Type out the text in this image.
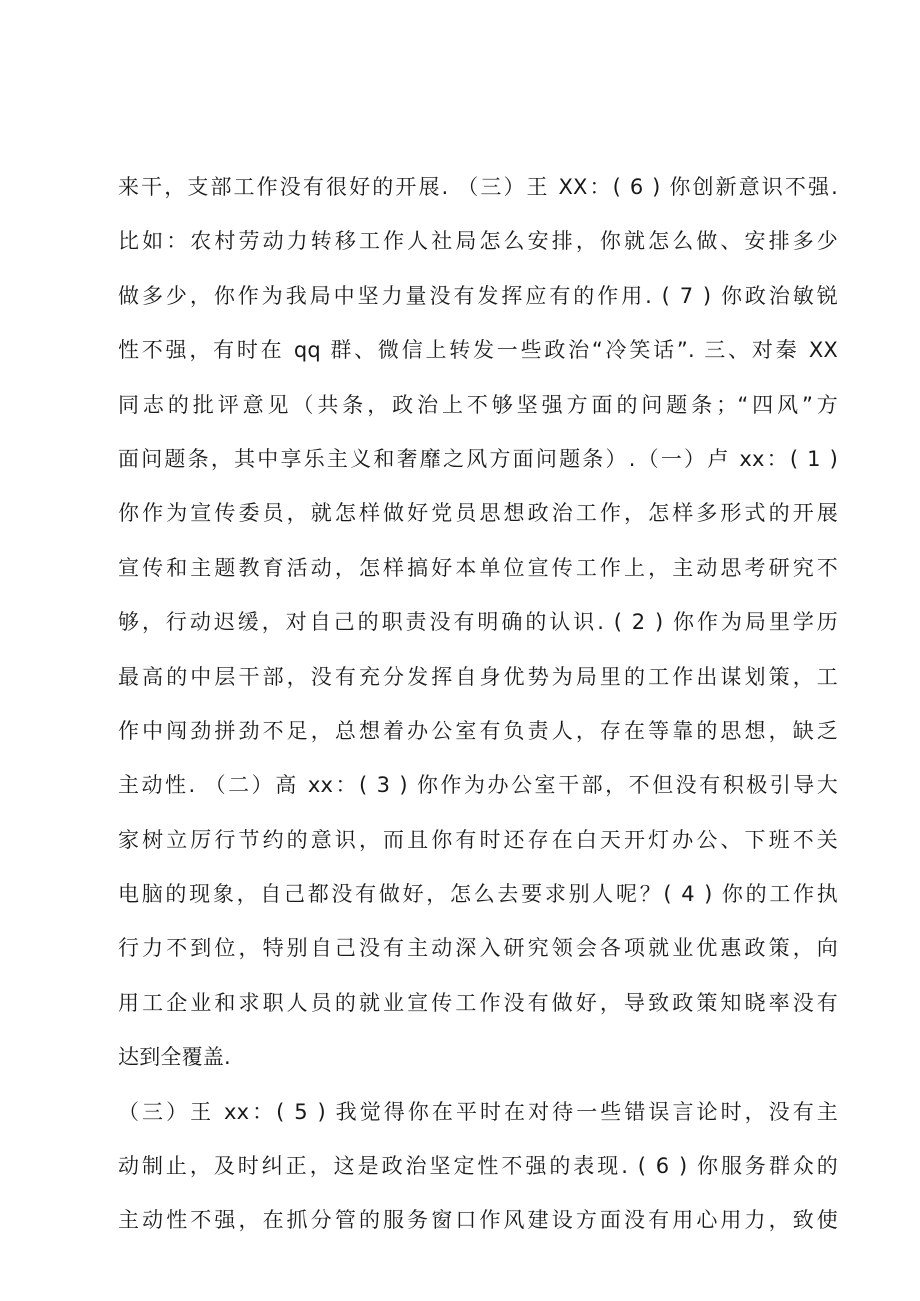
来干，支部工作没有很好的开展. （三）王 XX：( 6 ) 你创新意识不强.
比如：农村劳动力转移工作人社局怎么安排，你就怎么做、安排多少
做多少，你作为我局中坚力量没有发挥应有的作用. ( 7 ) 你政治敏锐
性不强，有时在 qq 群、微信上转发一些政治“冷笑话”. 三、对秦 XX
同志的批评意见（共条，政治上不够坚强方面的问题条；“四风”方
面问题条，其中享乐主义和奢靡之风方面问题条）.（一）卢 xx：( 1 )
你作为宣传委员，就怎样做好党员思想政治工作，怎样多形式的开展
宣传和主题教育活动，怎样搞好本单位宣传工作上，主动思考研究不
够，行动迟缓，对自己的职责没有明确的认识. ( 2 ) 你作为局里学历
最高的中层干部，没有充分发挥自身优势为局里的工作出谋划策，工
作中闯劲拼劲不足，总想着办公室有负责人，存在等靠的思想，缺乏
主动性. （二）高 xx：( 3 ) 你作为办公室干部，不但没有积极引导大
家树立厉行节约的意识，而且你有时还存在白天开灯办公、下班不关
电脑的现象，自己都没有做好，怎么去要求别人呢？( 4 ) 你的工作执
行力不到位，特别自己没有主动深入研究领会各项就业优惠政策，向
用工企业和求职人员的就业宣传工作没有做好，导致政策知晓率没有
达到全覆盖.
（三）王 xx：( 5 ) 我觉得你在平时在对待一些错误言论时，没有主
动制止，及时纠正，这是政治坚定性不强的表现. ( 6 ) 你服务群众的
主动性不强，在抓分管的服务窗口作风建设方面没有用心用力，致使
